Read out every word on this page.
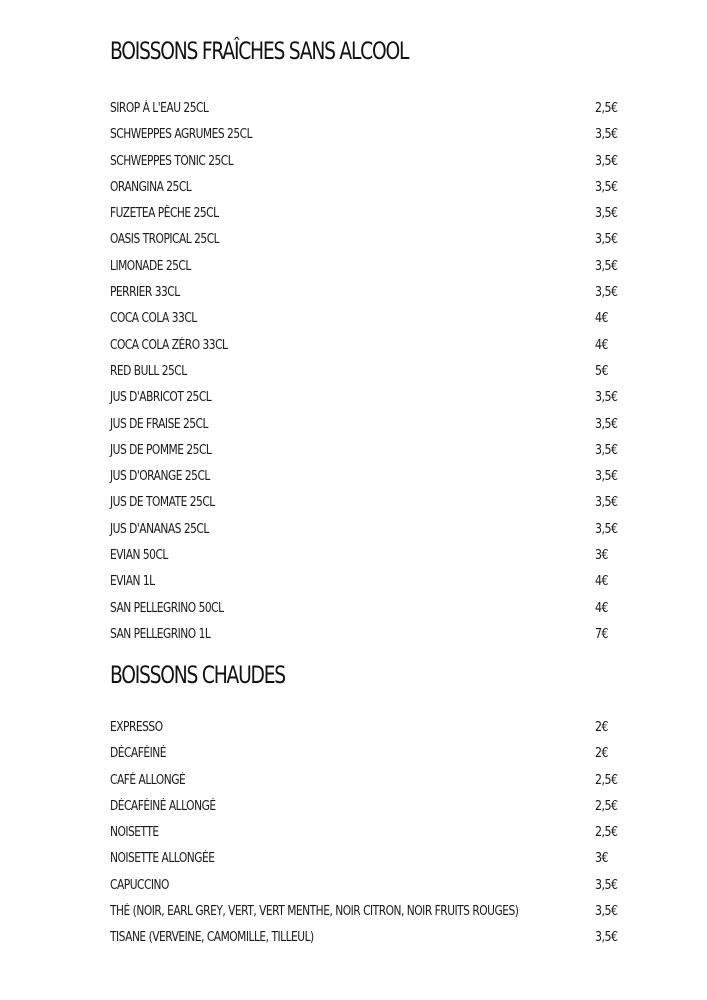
BOISSONS FRAÎCHES SANS ALCOOL
SIROP À L'EAU 25CL	2,5€
SCHWEPPES AGRUMES 25CL	3,5€
SCHWEPPES TONIC 25CL	3,5€
ORANGINA 25CL	3,5€
FUZETEA PÊCHE 25CL	3,5€
OASIS TROPICAL 25CL	3,5€
LIMONADE 25CL	3,5€
PERRIER 33CL	3,5€
COCA COLA 33CL	4€
COCA COLA ZÉRO 33CL	4€
RED BULL 25CL	5€
JUS D'ABRICOT 25CL	3,5€
JUS DE FRAISE 25CL	3,5€
JUS DE POMME 25CL	3,5€
JUS D'ORANGE 25CL	3,5€
JUS DE TOMATE 25CL	3,5€
JUS D'ANANAS 25CL	3,5€
EVIAN 50CL	3€
EVIAN 1L	4€
SAN PELLEGRINO 50CL	4€
SAN PELLEGRINO 1L	7€
BOISSONS CHAUDES
EXPRESSO	2€
DÉCAFÉINÉ	2€
CAFÉ ALLONGÉ	2,5€
DÉCAFÉINÉ ALLONGÉ	2,5€
NOISETTE	2,5€
NOISETTE ALLONGÉE	3€
CAPUCCINO	3,5€
THÉ (NOIR, EARL GREY, VERT, VERT MENTHE, NOIR CITRON, NOIR FRUITS ROUGES)	3,5€
TISANE (VERVEINE, CAMOMILLE, TILLEUL)	3,5€
